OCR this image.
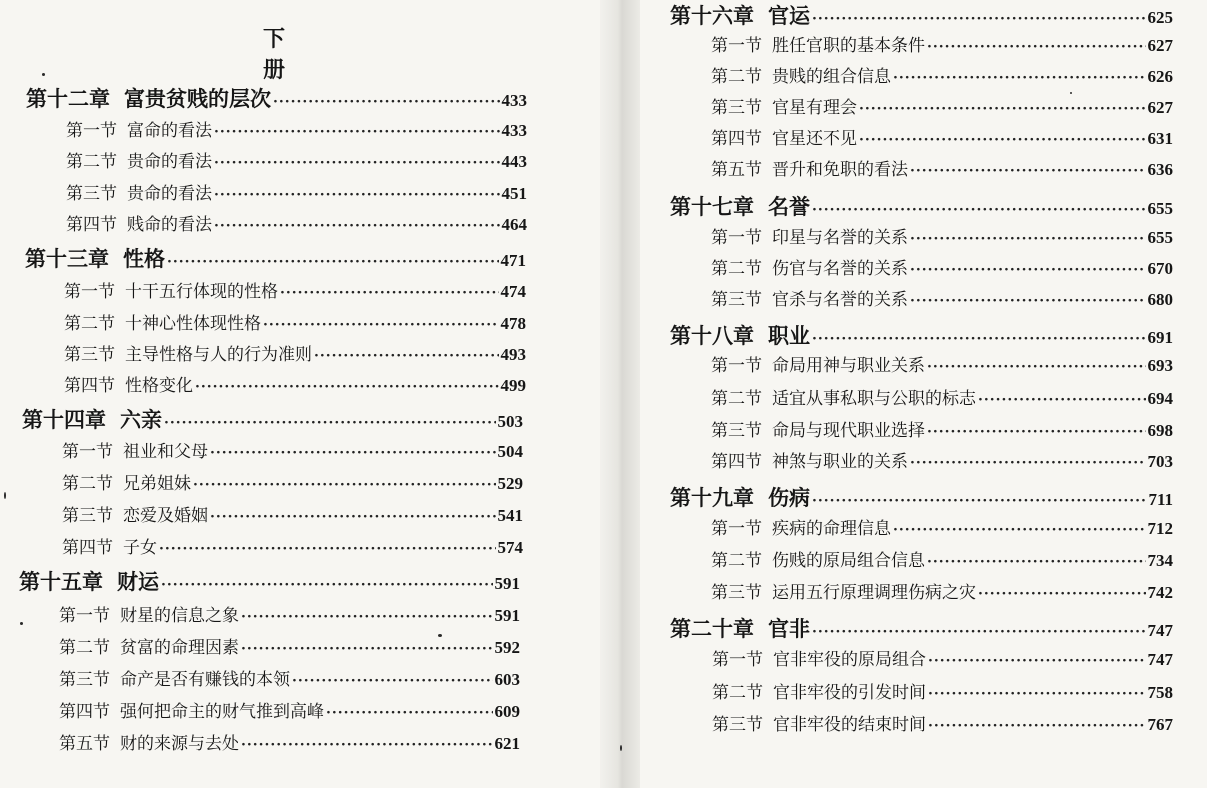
下　册
第十二章 富贵贫贱的层次 ·····	433
第一节 富命的看法 ·····	433
第二节 贵命的看法 ·····	443
第三节 贵命的看法 ·····	451
第四节 贱命的看法 ·····	464
第十三章 性格 ·····	471
第一节 十干五行体现的性格 ·····	474
第二节 十神心性体现性格 ·····	478
第三节 主导性格与人的行为准则 ·····	493
第四节 性格变化 ·····	499
第十四章 六亲 ·····	503
第一节 祖业和父母 ·····	504
第二节 兄弟姐妹 ·····	529
第三节 恋爱及婚姻 ·····	541
第四节 子女 ·····	574
第十五章 财运 ·····	591
第一节 财星的信息之象 ·····	591
第二节 贫富的命理因素 ·····	592
第三节 命产是否有赚钱的本领 ·····	603
第四节 强何把命主的财气推到高峰 ·····	609
第五节 财的来源与去处 ·····	621
第十六章 官运 ·····	625
第一节 胜任官职的基本条件 ·····	627
第二节 贵贱的组合信息 ·····	626
第三节 官星有理会 ·····	627
第四节 官星还不见 ·····	631
第五节 晋升和免职的看法 ·····	636
第十七章 名誉 ·····	655
第一节 印星与名誉的关系 ·····	655
第二节 伤官与名誉的关系 ·····	670
第三节 官杀与名誉的关系 ·····	680
第十八章 职业 ·····	691
第一节 命局用神与职业关系 ·····	693
第二节 适宜从事私职与公职的标志 ·····	694
第三节 命局与现代职业选择 ·····	698
第四节 神煞与职业的关系 ·····	703
第十九章 伤病 ·····	711
第一节 疾病的命理信息 ·····	712
第二节 伤贱的原局组合信息 ·····	734
第三节 运用五行原理调理伤病之灾 ·····	742
第二十章 官非 ·····	747
第一节 官非牢役的原局组合 ·····	747
第二节 官非牢役的引发时间 ·····	758
第三节 官非牢役的结束时间 ·····	767
